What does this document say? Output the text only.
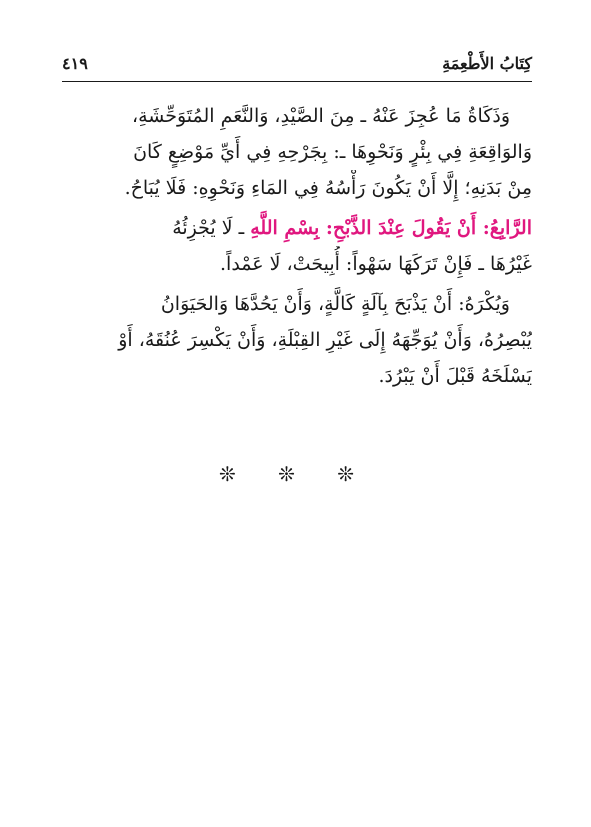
كِتَابُ الأَطْعِمَةِ
٤١٩

وَذَكَاةُ مَا عُجِزَ عَنْهُ ـ مِنَ الصَّيْدِ، وَالنَّعَمِ المُتَوَحِّشَةِ،
وَالوَاقِعَةِ فِي بِئْرٍ وَنَحْوِهَا ـ: بِجَرْحِهِ فِي أَيِّ مَوْضِعٍ كَانَ
مِنْ بَدَنِهِ؛ إِلَّا أَنْ يَكُونَ رَأْسُهُ فِي المَاءِ وَنَحْوِهِ: فَلَا يُبَاحُ.

الرَّابِعُ: أَنْ يَقُولَ عِنْدَ الذَّبْحِ: بِسْمِ اللَّهِ ـ لَا يُجْزِئُهُ
غَيْرُهَا ـ فَإِنْ تَرَكَهَا سَهْواً: أُبِيحَتْ، لَا عَمْداً.

وَيُكْرَهُ: أَنْ يَذْبَحَ بِآلَةٍ كَالَّةٍ، وَأَنْ يَحُدَّهَا وَالحَيَوَانُ
يُبْصِرُهُ، وَأَنْ يُوَجِّهَهُ إِلَى غَيْرِ القِبْلَةِ، وَأَنْ يَكْسِرَ عُنُقَهُ، أَوْ
يَسْلَخَهُ قَبْلَ أَنْ يَبْرُدَ.

❊ ❊ ❊
